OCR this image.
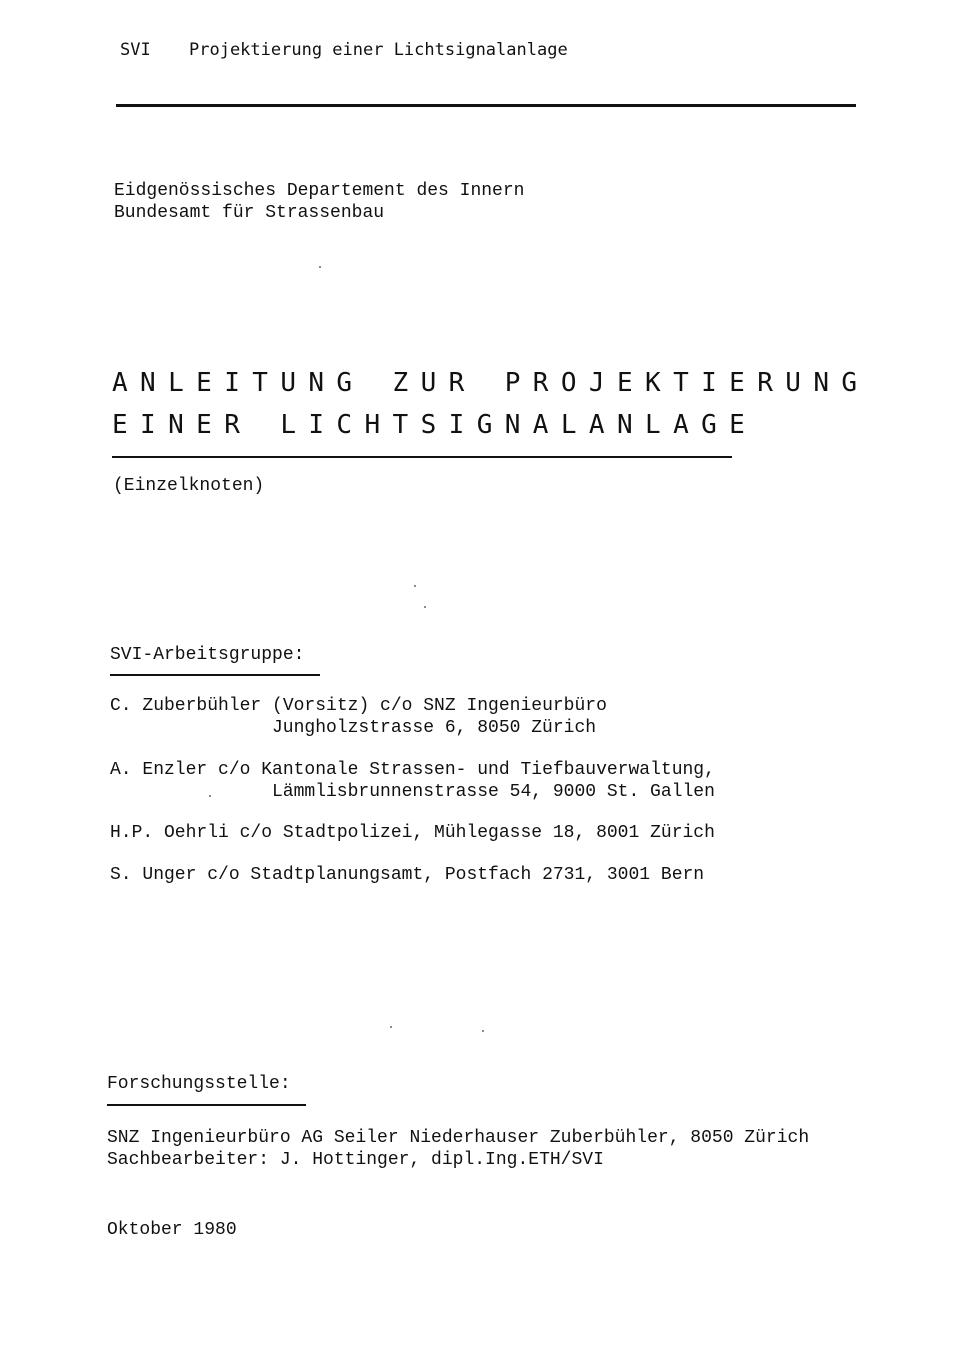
SVI Projektierung einer Lichtsignalanlage
Eidgenössisches Departement des Innern
Bundesamt für Strassenbau
ANLEITUNG ZUR PROJEKTIERUNG
EINER LICHTSIGNALANLAGE
(Einzelknoten)
SVI-Arbeitsgruppe:
C. Zuberbühler (Vorsitz) c/o SNZ Ingenieurbüro
Jungholzstrasse 6, 8050 Zürich
A. Enzler c/o Kantonale Strassen- und Tiefbauverwaltung,
Lämmlisbrunnenstrasse 54, 9000 St. Gallen
H.P. Oehrli c/o Stadtpolizei, Mühlegasse 18, 8001 Zürich
S. Unger c/o Stadtplanungsamt, Postfach 2731, 3001 Bern
Forschungsstelle:
SNZ Ingenieurbüro AG Seiler Niederhauser Zuberbühler, 8050 Zürich
Sachbearbeiter: J. Hottinger, dipl.Ing.ETH/SVI
Oktober 1980
